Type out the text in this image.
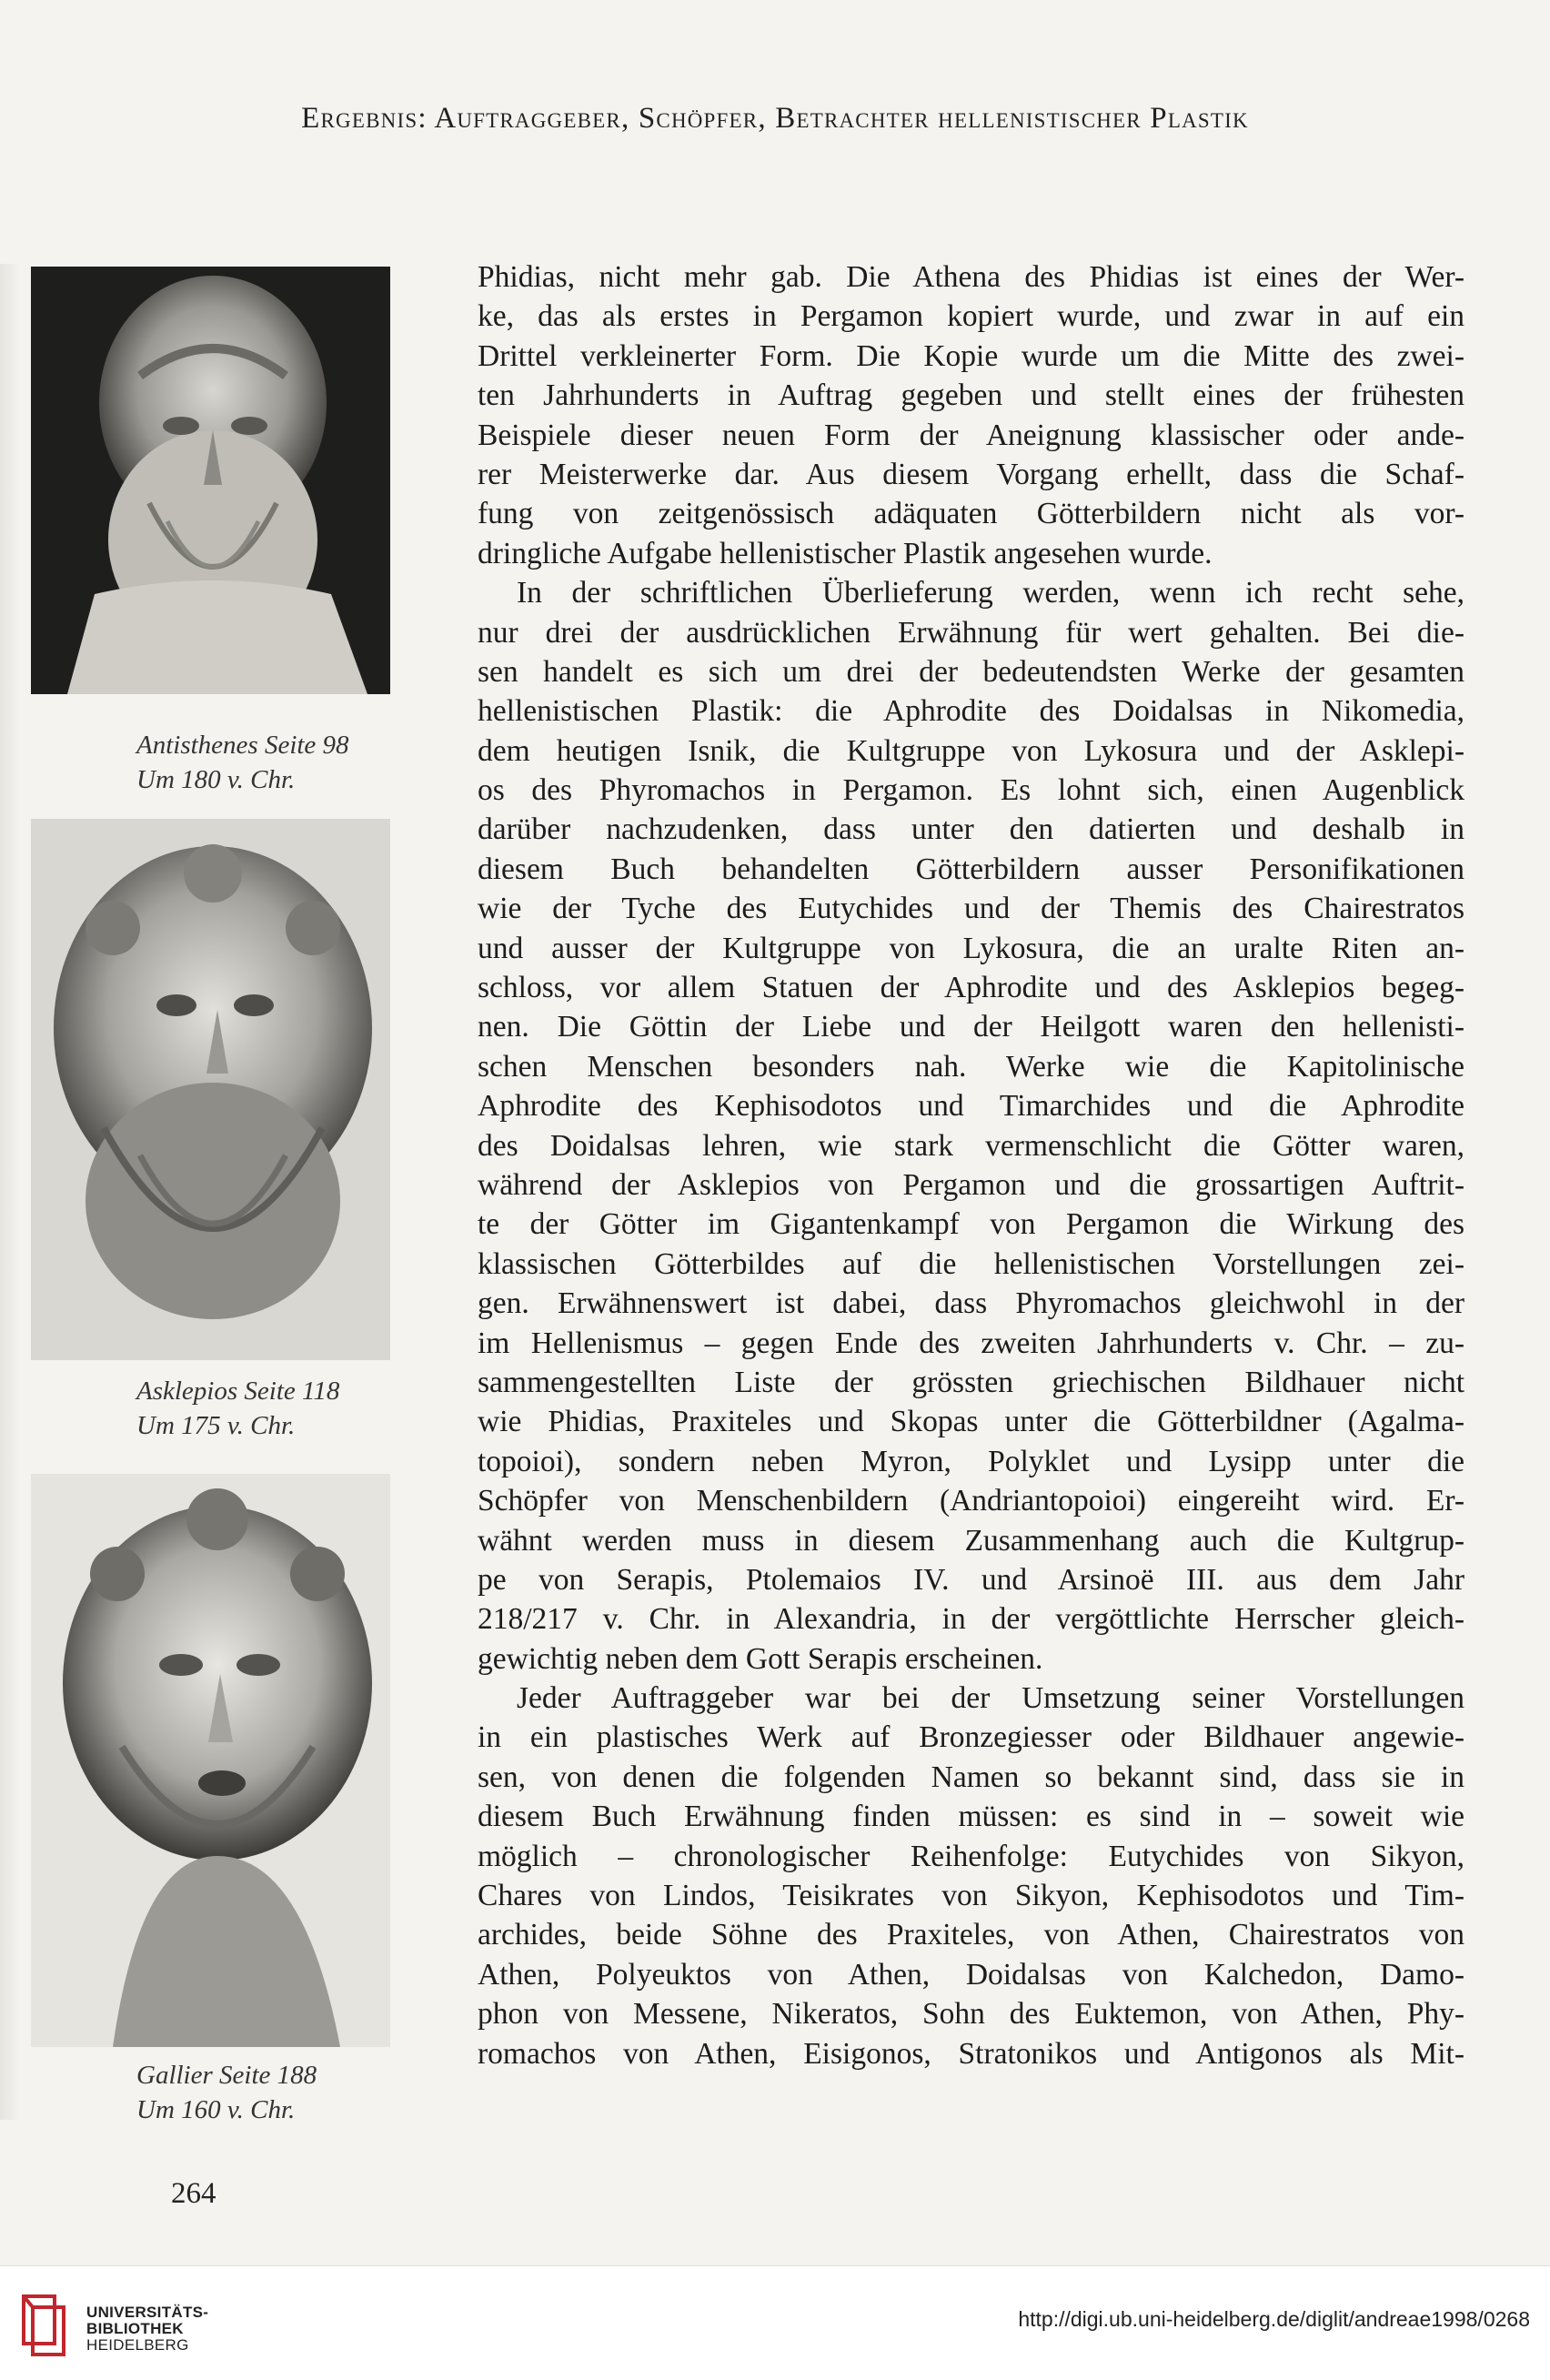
Ergebnis: Auftraggeber, Schöpfer, Betrachter hellenistischer Plastik
Antisthenes Seite 98
Um 180 v. Chr.
Asklepios Seite 118
Um 175 v. Chr.
Gallier Seite 188
Um 160 v. Chr.
Phidias, nicht mehr gab. Die Athena des Phidias ist eines der Wer-
ke, das als erstes in Pergamon kopiert wurde, und zwar in auf ein
Drittel verkleinerter Form. Die Kopie wurde um die Mitte des zwei-
ten Jahrhunderts in Auftrag gegeben und stellt eines der frühesten
Beispiele dieser neuen Form der Aneignung klassischer oder ande-
rer Meisterwerke dar. Aus diesem Vorgang erhellt, dass die Schaf-
fung von zeitgenössisch adäquaten Götterbildern nicht als vor-
dringliche Aufgabe hellenistischer Plastik angesehen wurde.
In der schriftlichen Überlieferung werden, wenn ich recht sehe,
nur drei der ausdrücklichen Erwähnung für wert gehalten. Bei die-
sen handelt es sich um drei der bedeutendsten Werke der gesamten
hellenistischen Plastik: die Aphrodite des Doidalsas in Nikomedia,
dem heutigen Isnik, die Kultgruppe von Lykosura und der Asklepi-
os des Phyromachos in Pergamon. Es lohnt sich, einen Augenblick
darüber nachzudenken, dass unter den datierten und deshalb in
diesem Buch behandelten Götterbildern ausser Personifikationen
wie der Tyche des Eutychides und der Themis des Chairestratos
und ausser der Kultgruppe von Lykosura, die an uralte Riten an-
schloss, vor allem Statuen der Aphrodite und des Asklepios begeg-
nen. Die Göttin der Liebe und der Heilgott waren den hellenisti-
schen Menschen besonders nah. Werke wie die Kapitolinische
Aphrodite des Kephisodotos und Timarchides und die Aphrodite
des Doidalsas lehren, wie stark vermenschlicht die Götter waren,
während der Asklepios von Pergamon und die grossartigen Auftrit-
te der Götter im Gigantenkampf von Pergamon die Wirkung des
klassischen Götterbildes auf die hellenistischen Vorstellungen zei-
gen. Erwähnenswert ist dabei, dass Phyromachos gleichwohl in der
im Hellenismus – gegen Ende des zweiten Jahrhunderts v. Chr. – zu-
sammengestellten Liste der grössten griechischen Bildhauer nicht
wie Phidias, Praxiteles und Skopas unter die Götterbildner (Agalma-
topoioi), sondern neben Myron, Polyklet und Lysipp unter die
Schöpfer von Menschenbildern (Andriantopoioi) eingereiht wird. Er-
wähnt werden muss in diesem Zusammenhang auch die Kultgrup-
pe von Serapis, Ptolemaios IV. und Arsinoë III. aus dem Jahr
218/217 v. Chr. in Alexandria, in der vergöttlichte Herrscher gleich-
gewichtig neben dem Gott Serapis erscheinen.
Jeder Auftraggeber war bei der Umsetzung seiner Vorstellungen
in ein plastisches Werk auf Bronzegiesser oder Bildhauer angewie-
sen, von denen die folgenden Namen so bekannt sind, dass sie in
diesem Buch Erwähnung finden müssen: es sind in – soweit wie
möglich – chronologischer Reihenfolge: Eutychides von Sikyon,
Chares von Lindos, Teisikrates von Sikyon, Kephisodotos und Tim-
archides, beide Söhne des Praxiteles, von Athen, Chairestratos von
Athen, Polyeuktos von Athen, Doidalsas von Kalchedon, Damo-
phon von Messene, Nikeratos, Sohn des Euktemon, von Athen, Phy-
romachos von Athen, Eisigonos, Stratonikos und Antigonos als Mit-
264
UNIVERSITÄTS-
BIBLIOTHEK
HEIDELBERG
http://digi.ub.uni-heidelberg.de/diglit/andreae1998/0268
